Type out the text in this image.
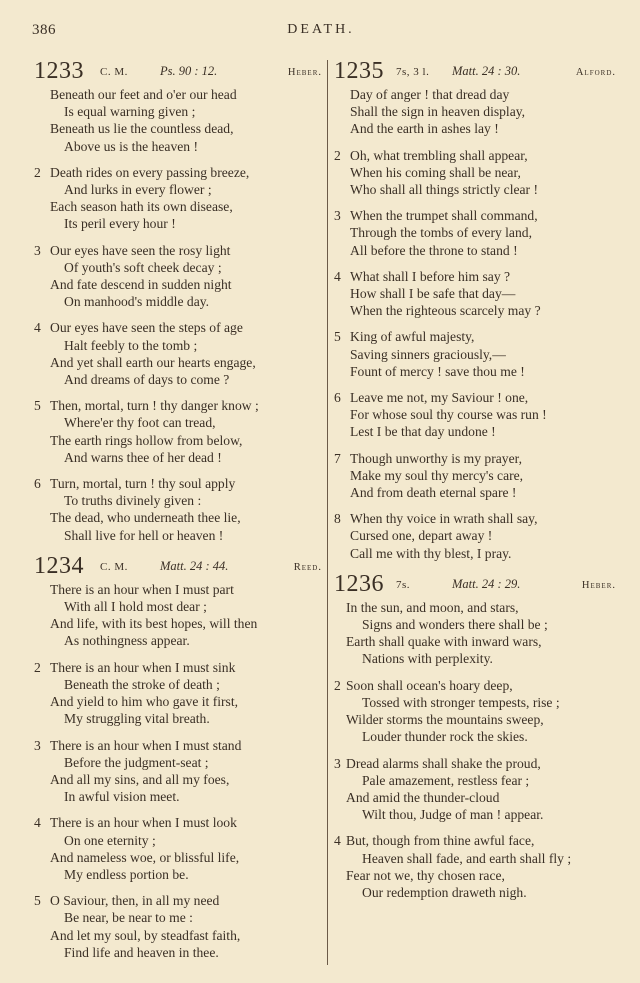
386	DEATH.
1233 C. M.	Ps. 90 : 12.	Heber.
Beneath our feet and o'er our head
Is equal warning given ;
Beneath us lie the countless dead,
Above us is the heaven !
2 Death rides on every passing breeze,
And lurks in every flower ;
Each season hath its own disease,
Its peril every hour !
3 Our eyes have seen the rosy light
Of youth's soft cheek decay ;
And fate descend in sudden night
On manhood's middle day.
4 Our eyes have seen the steps of age
Halt feebly to the tomb ;
And yet shall earth our hearts engage,
And dreams of days to come ?
5 Then, mortal, turn ! thy danger know ;
Where'er thy foot can tread,
The earth rings hollow from below,
And warns thee of her dead !
6 Turn, mortal, turn ! thy soul apply
To truths divinely given :
The dead, who underneath thee lie,
Shall live for hell or heaven !
1234 C. M.	Matt. 24 : 44.	Reed.
There is an hour when I must part
With all I hold most dear ;
And life, with its best hopes, will then
As nothingness appear.
2 There is an hour when I must sink
Beneath the stroke of death ;
And yield to him who gave it first,
My struggling vital breath.
3 There is an hour when I must stand
Before the judgment-seat ;
And all my sins, and all my foes,
In awful vision meet.
4 There is an hour when I must look
On one eternity ;
And nameless woe, or blissful life,
My endless portion be.
5 O Saviour, then, in all my need
Be near, be near to me :
And let my soul, by steadfast faith,
Find life and heaven in thee.
1235 7s, 3 l. Matt. 24 : 30.	Alford.
Day of anger ! that dread day
Shall the sign in heaven display,
And the earth in ashes lay !
2 Oh, what trembling shall appear,
When his coming shall be near,
Who shall all things strictly clear !
3 When the trumpet shall command,
Through the tombs of every land,
All before the throne to stand !
4 What shall I before him say ?
How shall I be safe that day—
When the righteous scarcely may ?
5 King of awful majesty,
Saving sinners graciously,—
Fount of mercy ! save thou me !
6 Leave me not, my Saviour ! one,
For whose soul thy course was run !
Lest I be that day undone !
7 Though unworthy is my prayer,
Make my soul thy mercy's care,
And from death eternal spare !
8 When thy voice in wrath shall say,
Cursed one, depart away !
Call me with thy blest, I pray.
1236 7s.	Matt. 24 : 29.	Heber.
In the sun, and moon, and stars,
Signs and wonders there shall be ;
Earth shall quake with inward wars,
Nations with perplexity.
2 Soon shall ocean's hoary deep,
Tossed with stronger tempests, rise ;
Wilder storms the mountains sweep,
Louder thunder rock the skies.
3 Dread alarms shall shake the proud,
Pale amazement, restless fear ;
And amid the thunder-cloud
Wilt thou, Judge of man ! appear.
4 But, though from thine awful face,
Heaven shall fade, and earth shall fly ;
Fear not we, thy chosen race,
Our redemption draweth nigh.
